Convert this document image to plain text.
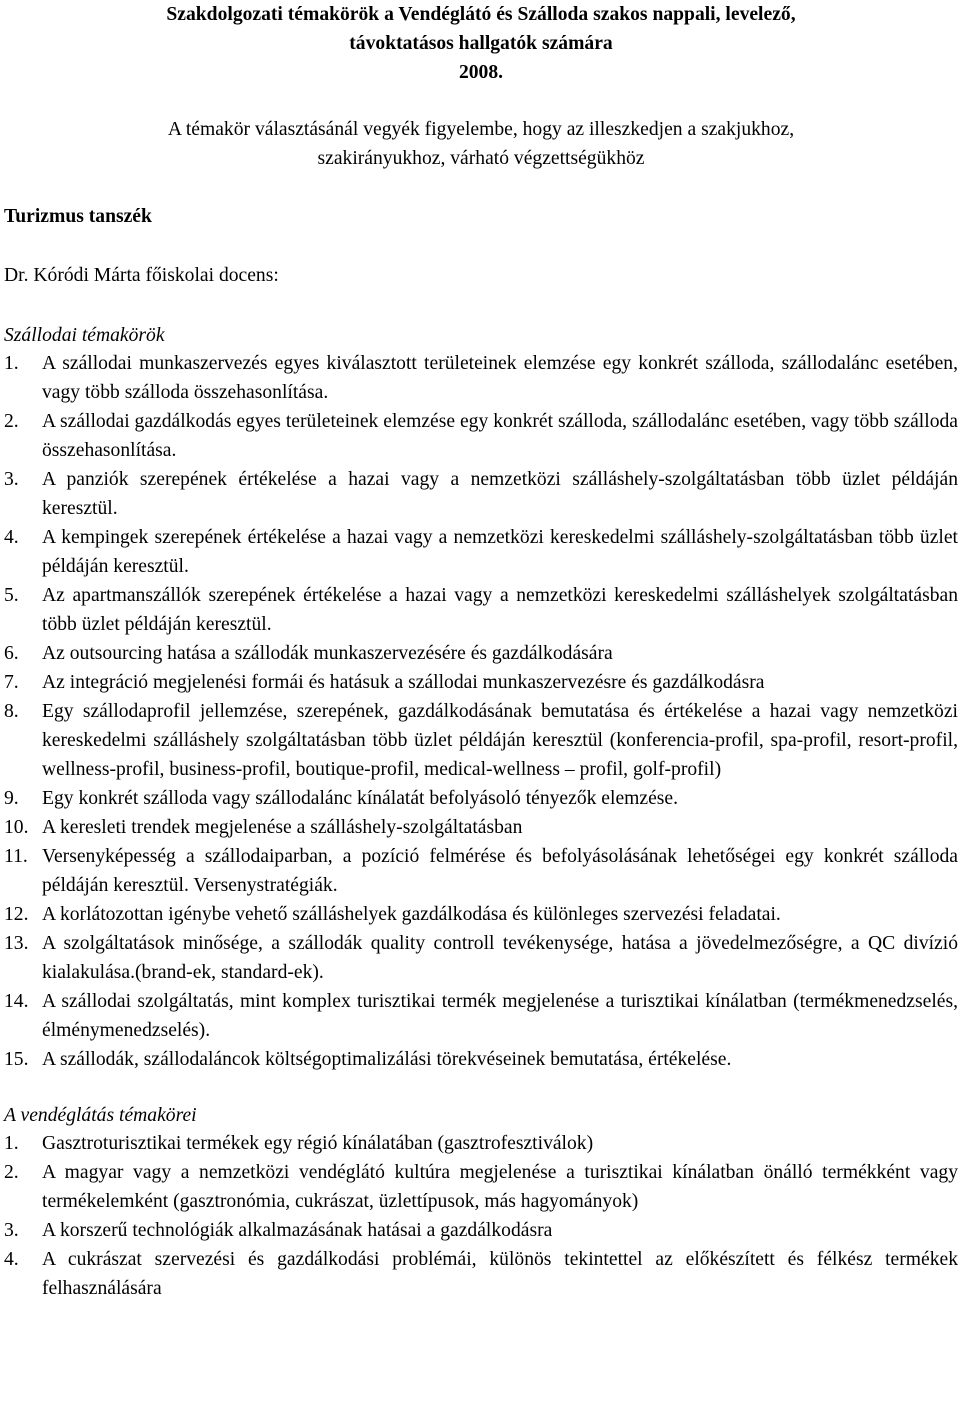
Szakdolgozati témakörök a Vendéglátó és Szálloda szakos nappali, levelező,
távoktatásos hallgatók számára
2008.
A témakör választásánál vegyék figyelembe, hogy az illeszkedjen a szakjukhoz,
szakirányukhoz, várható végzettségükhöz
Turizmus tanszék
Dr. Kóródi Márta főiskolai docens:
Szállodai témakörök
1. A szállodai munkaszervezés egyes kiválasztott területeinek elemzése egy konkrét szálloda, szállodalánc esetében, vagy több szálloda összehasonlítása.
2. A szállodai gazdálkodás egyes területeinek elemzése egy konkrét szálloda, szállodalánc esetében, vagy több szálloda összehasonlítása.
3. A panziók szerepének értékelése a hazai vagy a nemzetközi szálláshely-szolgáltatásban több üzlet példáján keresztül.
4. A kempingek szerepének értékelése a hazai vagy a nemzetközi kereskedelmi szálláshely-szolgáltatásban több üzlet példáján keresztül.
5. Az apartmanszállók szerepének értékelése a hazai vagy a nemzetközi kereskedelmi szálláshelyek szolgáltatásban több üzlet példáján keresztül.
6. Az outsourcing hatása a szállodák munkaszervezésére és gazdálkodására
7. Az integráció megjelenési formái és hatásuk a szállodai munkaszervezésre és gazdálkodásra
8. Egy szállodaprofil jellemzése, szerepének, gazdálkodásának bemutatása és értékelése a hazai vagy nemzetközi kereskedelmi szálláshely szolgáltatásban több üzlet példáján keresztül (konferencia-profil, spa-profil, resort-profil, wellness-profil, business-profil, boutique-profil, medical-wellness – profil, golf-profil)
9. Egy konkrét szálloda vagy szállodalánc kínálatát befolyásoló tényezők elemzése.
10. A keresleti trendek megjelenése a szálláshely-szolgáltatásban
11. Versenyképesség a szállodaiparban, a pozíció felmérése és befolyásolásának lehetőségei egy konkrét szálloda példáján keresztül. Versenystratégiák.
12. A korlátozottan igénybe vehető szálláshelyek gazdálkodása és különleges szervezési feladatai.
13. A szolgáltatások minősége, a szállodák quality controll tevékenysége, hatása a jövedelmezőségre, a QC divízió kialakulása.(brand-ek, standard-ek).
14. A szállodai szolgáltatás, mint komplex turisztikai termék megjelenése a turisztikai kínálatban (termékmenedzselés, élménymenedzselés).
15. A szállodák, szállodaláncok költségoptimalizálási törekvéseinek bemutatása, értékelése.
A vendéglátás témakörei
1. Gasztroturisztikai termékek egy régió kínálatában (gasztrofesztiválok)
2. A magyar vagy a nemzetközi vendéglátó kultúra megjelenése a turisztikai kínálatban önálló termékként vagy termékelemként (gasztronómia, cukrászat, üzlettípusok, más hagyományok)
3. A korszerű technológiák alkalmazásának hatásai a gazdálkodásra
4. A cukrászat szervezési és gazdálkodási problémái, különös tekintettel az előkészített és félkész termékek felhasználására
